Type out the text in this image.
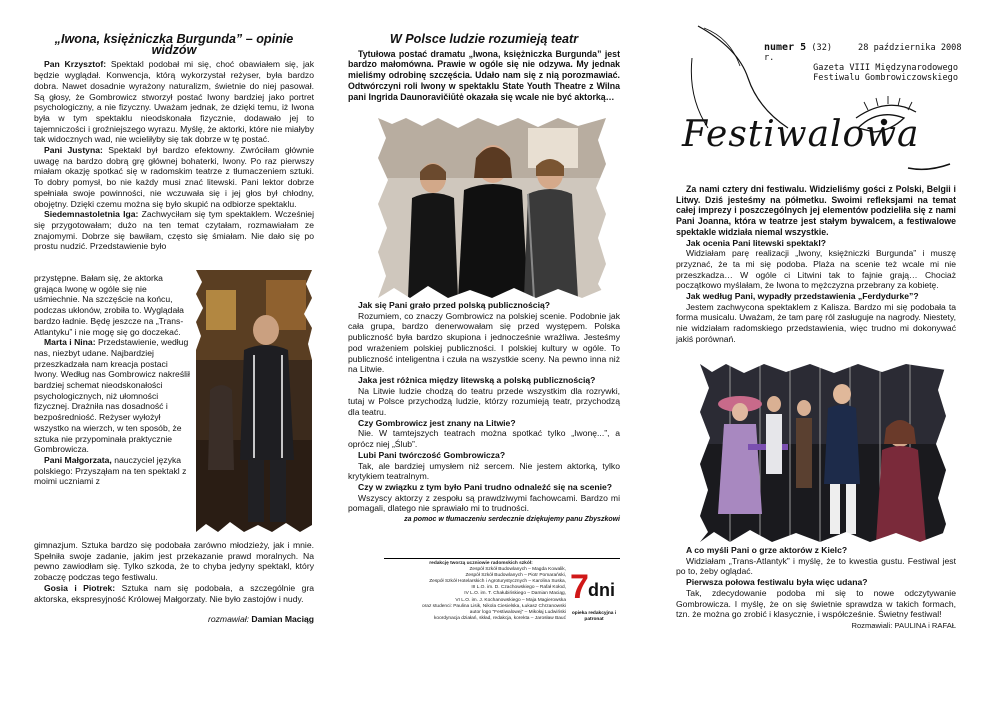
„Iwona, księżniczka Burgunda” – opinie widzów

Pan Krzysztof: Spektakl podobał mi się, choć obawiałem się, jak będzie wyglądał. Konwencja, którą wykorzystał reżyser, była bardzo dobra. Nawet dosadnie wyrażony naturalizm, świetnie do niej pasował. Są głosy, że Gombrowicz stworzył postać Iwony bardziej jako portret psychologiczny, a nie fizyczny. Uważam jednak, że dzięki temu, iż Iwona była w tym spektaklu nieodskonała fizycznie, dodawało jej to tajemniczości i groźniejszego wyrazu. Myślę, że aktorki, które nie miałyby tak widocznych wad, nie wcieliłyby się tak dobrze w tę postać.

Pani Justyna: Spektakl był bardzo efektowny. Zwróciłam głównie uwagę na bardzo dobrą grę głównej bohaterki, Iwony. Po raz pierwszy miałam okazję spotkać się w radomskim teatrze z tłumaczeniem sztuki. To dobry pomysł, bo nie każdy musi znać litewski. Pani lektor dobrze spełniała swoje powinności, nie wczuwała się i jej głos był chłodny, obojętny. Dzięki czemu można się było skupić na odbiorze spektaklu.

Siedemnastoletnia Iga: Zachwyciłam się tym spektaklem. Wcześniej się przygotowałam; dużo na ten temat czytałam, rozmawiałam ze znajomymi. Dobrze się bawiłam, często się śmiałam. Nie dało się po prostu nudzić. Przedstawienie było

przystępne. Bałam się, że aktorka grająca Iwonę w ogóle się nie uśmiechnie. Na szczęście na końcu, podczas ukłonów, zrobiła to. Wyglądała bardzo ładnie. Będę jeszcze na „Trans-Atlantyku” i nie mogę się go doczekać.

Marta i Nina: Przedstawienie, według nas, niezbyt udane. Najbardziej przeszkadzała nam kreacja postaci Iwony. Według nas Gombrowicz nakreślił bardziej schemat nieodskonałości psychologicznych, niż ułomności fizycznej. Drażniła nas dosadność i bezpośredniość. Reżyser wyłożył wszystko na wierzch, w ten sposób, że sztuka nie przypominała praktycznie Gombrowicza.

Pani Małgorzata, nauczyciel języka polskiego: Przysząłam na ten spektakl z moimi uczniami z

gimnazjum. Sztuka bardzo się podobała zarówno młodzieży, jak i mnie. Spełniła swoje zadanie, jakim jest przekazanie prawd moralnych. Na pewno zawiodłam się. Tylko szkoda, że to chyba jedyny spektakl, który zobaczę podczas tego festiwalu.

Gosia i Piotrek: Sztuka nam się podobała, a szczególnie gra aktorska, ekspresyjność Królowej Małgorzaty. Nie było zastojów i nudy.

rozmawiał: Damian Maciąg
W Polsce ludzie rozumieją teatr

Tytułowa postać dramatu „Iwona, księżniczka Burgunda” jest bardzo małomówna. Prawie w ogóle się nie odzywa. My jednak mieliśmy odrobinę szczęścia. Udało nam się z nią porozmawiać. Odtwórczyni roli Iwony w spektaklu State Youth Theatre z Wilna pani Ingrida Daunoravičiūtė okazała się wcale nie być aktorką…

Jak się Pani grało przed polską publicznością?

Rozumiem, co znaczy Gombrowicz na polskiej scenie. Podobnie jak cała grupa, bardzo denerwowałam się przed występem. Polska publiczność była bardzo skupiona i jednocześnie wrażliwa. Jesteśmy pod wrażeniem polskiej publiczności. I polskiej kultury w ogóle. To publiczność inteligentna i czuła na wszystkie sceny. Na pewno inna niż na Litwie.

Jaka jest różnica między litewską a polską publicznością?

Na Litwie ludzie chodzą do teatru przede wszystkim dla rozrywki, tutaj w Polsce przychodzą ludzie, którzy rozumieją teatr, przychodzą dla teatru.

Czy Gombrowicz jest znany na Litwie?

Nie. W tamtejszych teatrach można spotkać tylko „Iwonę...”, a oprócz niej „Ślub”.

Lubi Pani twórczość Gombrowicza?

Tak, ale bardziej umysłem niż sercem. Nie jestem aktorką, tylko krytykiem teatralnym.

Czy w związku z tym było Pani trudno odnaleźć się na scenie?

Wszyscy aktorzy z zespołu są prawdziwymi fachowcami. Bardzo mi pomagali, dlatego nie sprawiało mi to trudności.

za pomoc w tłumaczeniu serdecznie dziękujemy panu Zbyszkowi
redakcję tworzą uczniowie radomskich szkół:
Zespół Szkół Budowlanych – Magda Kowalik,
Zespół Szkół Budowlanych – Piotr Pomarański,
Zespół Szkół Hotelarskich i Agroturystycznych – Karolina Suska,
III L.O. im. D. Czachowskiego – Rafał Kołod,
IV L.O. im. T. Chałubińskiego – Damian Maciąg,
VI L.O. im. J. Kochanowskiego – Maja Magierowska
oraz studenci: Paulina Lisik, Nikola Ciesielska, Łukasz Chrzanowski
autor logo "Festiwalowej" – Mikołaj Ludwiński
koordynacja działań, skład, redakcja, korekta – Jarosław Bauć
7 dni
opieka redakcyjna i patronat
Festiwalowa
numer 5 (32)	28 października 2008 r.
Gazeta VIII Międzynarodowego
Festiwalu Gombrowiczowskiego

Za nami cztery dni festiwalu. Widzieliśmy gości z Polski, Belgii i Litwy. Dziś jesteśmy na półmetku. Swoimi refleksjami na temat całej imprezy i poszczególnych jej elementów podzieliła się z nami Pani Joanna, która w teatrze jest stałym bywalcem, a festiwalowe spektakle widziała niemal wszystkie.

Jak ocenia Pani litewski spektakl?

Widziałam parę realizacji „Iwony, księżniczki Burgunda” i muszę przyznać, że ta mi się podoba. Plaża na scenie też wcale mi nie przeszkadza… W ogóle ci Litwini tak to fajnie grają… Chociaż początkowo myślałam, że Iwona to mężczyzna przebrany za kobietę.

Jak według Pani, wypadły przedstawienia „Ferdydurke”?

Jestem zachwycona spektaklem z Kalisza. Bardzo mi się podobała ta forma musicalu. Uważam, że tam parę ról zasługuje na nagrody. Niestety, nie widziałam radomskiego przedstawienia, więc trudno mi dokonywać jakiś porównań.

A co myśli Pani o grze aktorów z Kielc?

Widziałam „Trans-Atlantyk” i myślę, że to kwestia gustu. Festiwal jest po to, żeby oglądać.

Pierwsza połowa festiwalu była więc udana?

Tak, zdecydowanie podoba mi się to nowe odczytywanie Gombrowicza. I myślę, że on się świetnie sprawdza w takich formach, tzn. że można go zrobić i klasycznie, i współcześnie. Świetny festiwal!

Rozmawiali: PAULINA i RAFAŁ
